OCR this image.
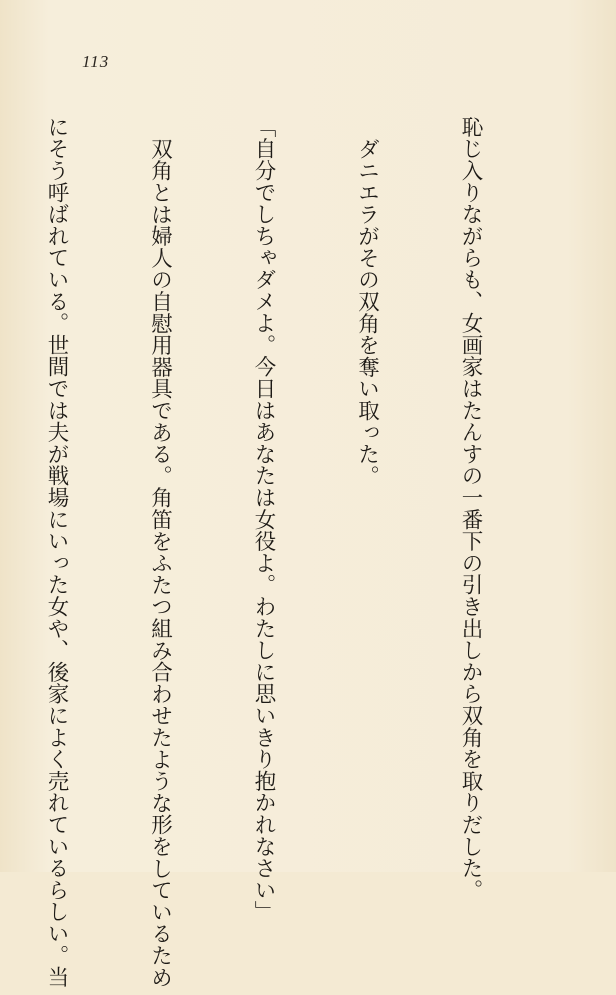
113

恥じ入りながらも、女画家はたんすの一番下の引き出しから双角を取りだした。

ダニエラがその双角を奪い取った。

「自分でしちゃダメよ。今日はあなたは女役よ。わたしに思いきり抱かれなさい」

双角とは婦人の自慰用器具である。角笛をふたつ組み合わせたような形をしているため

にそう呼ばれている。世間では夫が戦場にいった女や、後家によく売れているらしい。当
